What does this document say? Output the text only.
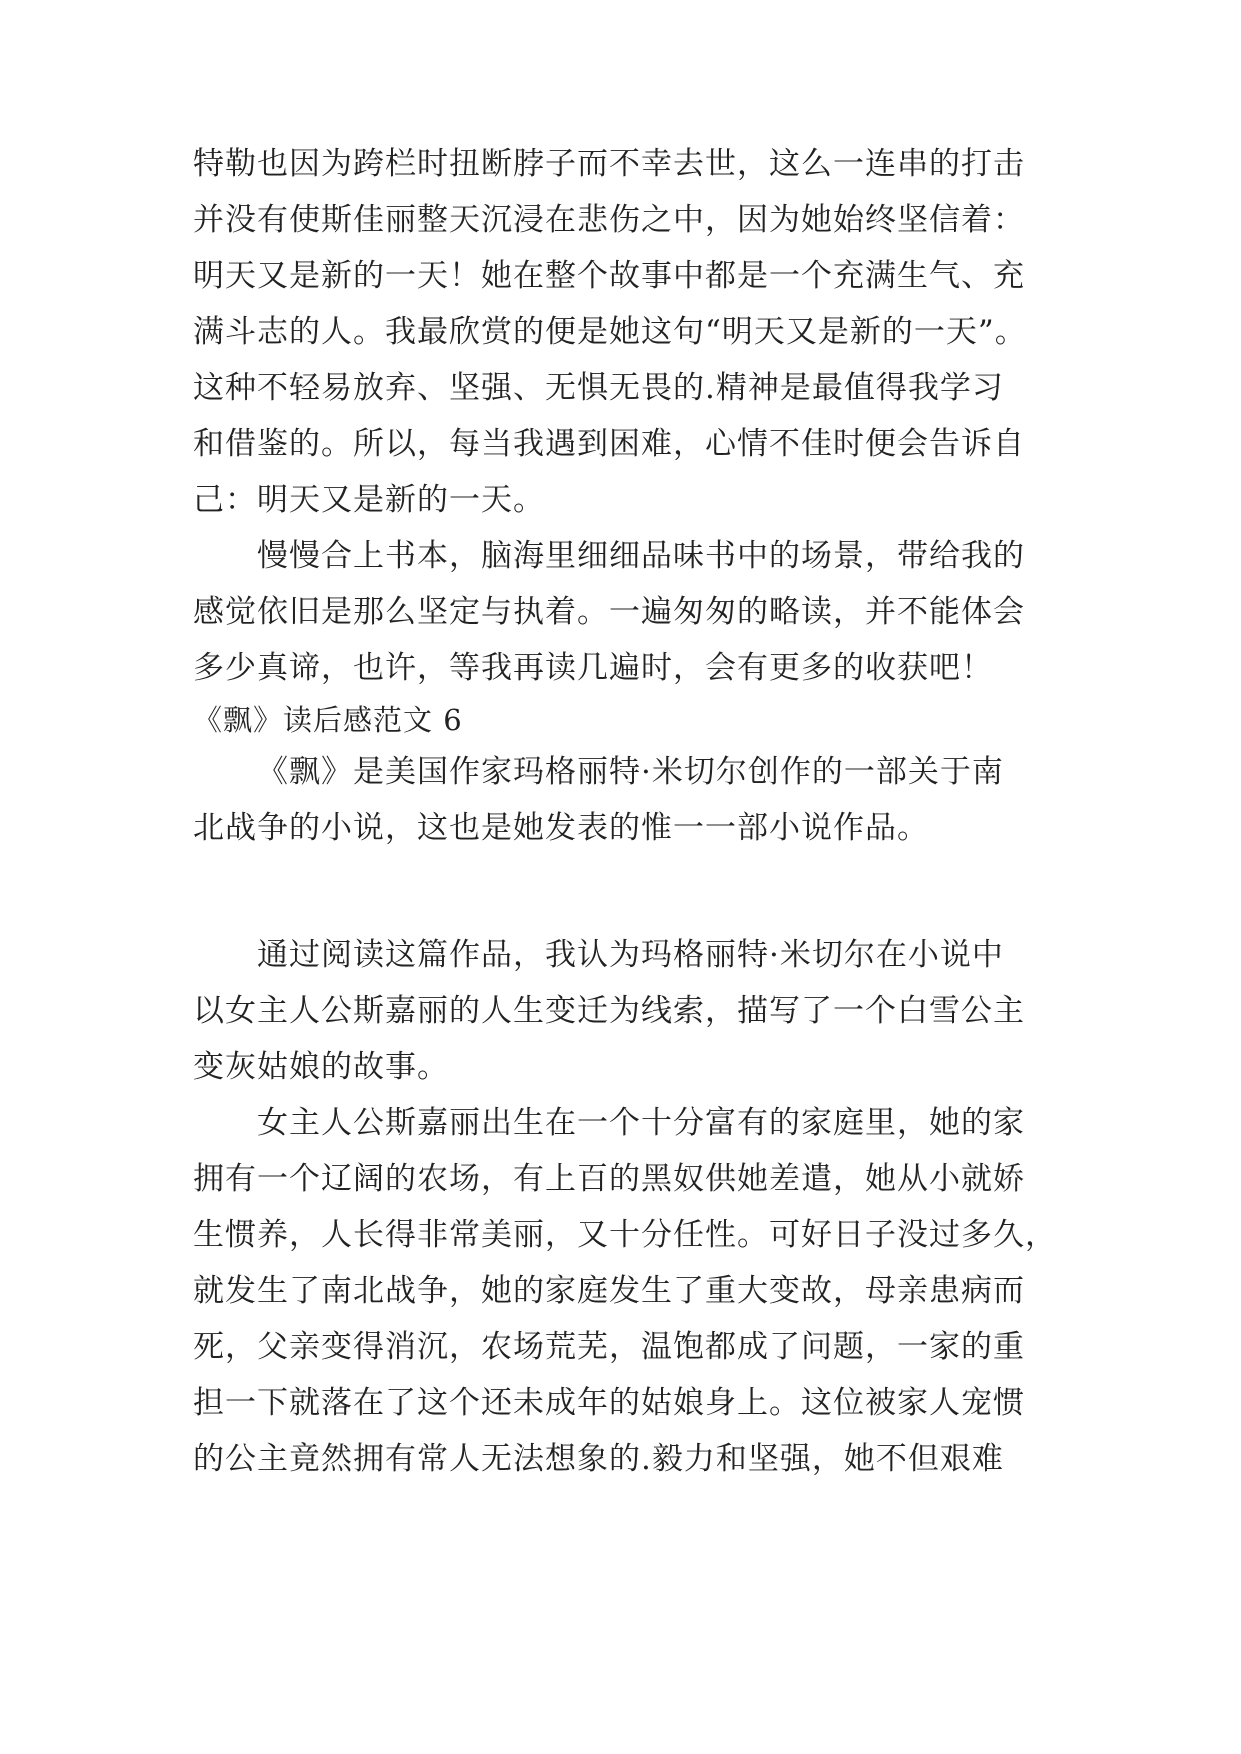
特勒也因为跨栏时扭断脖子而不幸去世，这么一连串的打击
并没有使斯佳丽整天沉浸在悲伤之中，因为她始终坚信着：
明天又是新的一天！她在整个故事中都是一个充满生气、充
满斗志的人。我最欣赏的便是她这句“明天又是新的一天”。
这种不轻易放弃、坚强、无惧无畏的.精神是最值得我学习
和借鉴的。所以，每当我遇到困难，心情不佳时便会告诉自
己：明天又是新的一天。
慢慢合上书本，脑海里细细品味书中的场景，带给我的
感觉依旧是那么坚定与执着。一遍匆匆的略读，并不能体会
多少真谛，也许，等我再读几遍时，会有更多的收获吧！
《飘》读后感范文 6
《飘》是美国作家玛格丽特·米切尔创作的一部关于南
北战争的小说，这也是她发表的惟一一部小说作品。
通过阅读这篇作品，我认为玛格丽特·米切尔在小说中
以女主人公斯嘉丽的人生变迁为线索，描写了一个白雪公主
变灰姑娘的故事。
女主人公斯嘉丽出生在一个十分富有的家庭里，她的家
拥有一个辽阔的农场，有上百的黑奴供她差遣，她从小就娇
生惯养，人长得非常美丽，又十分任性。可好日子没过多久，
就发生了南北战争，她的家庭发生了重大变故，母亲患病而
死，父亲变得消沉，农场荒芜，温饱都成了问题，一家的重
担一下就落在了这个还未成年的姑娘身上。这位被家人宠惯
的公主竟然拥有常人无法想象的.毅力和坚强，她不但艰难
